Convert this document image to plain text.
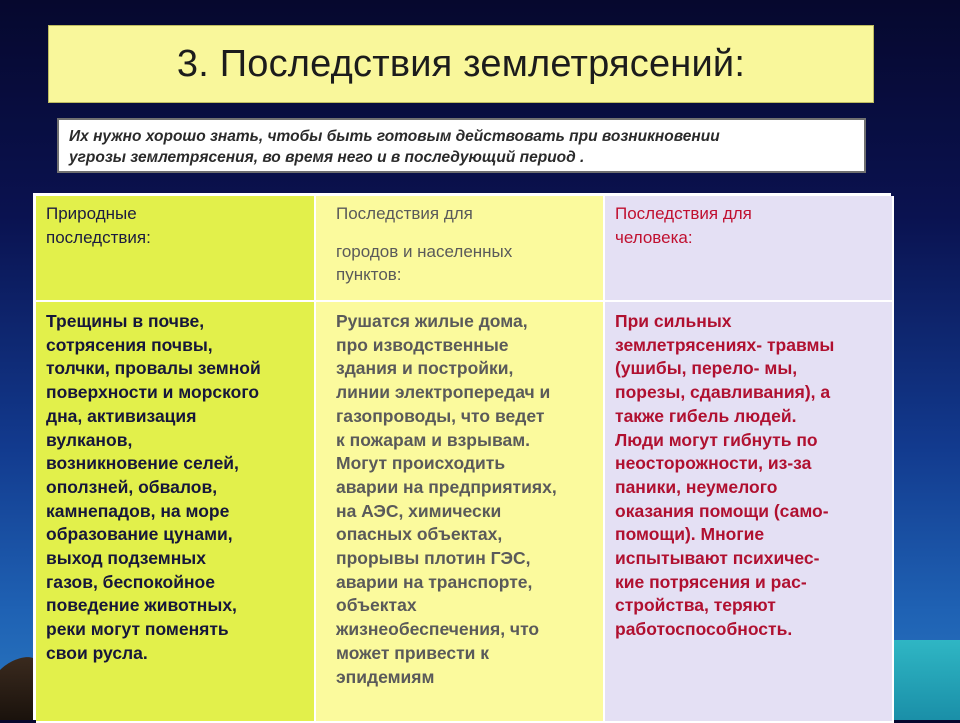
3. Последствия землетрясений:
Их нужно хорошо знать, чтобы быть готовым действовать при возникновении
угрозы землетрясения, во время него и в последующий период .
Природные
последствия:
Последствия для
городов и населенных
пунктов:
Последствия для
человека:
Трещины в почве,
сотрясения почвы,
толчки, провалы земной
поверхности и морского
дна, активизация
вулканов,
возникновение селей,
оползней, обвалов,
камнепадов, на море
образование цунами,
выход подземных
газов, беспокойное
поведение животных,
реки могут поменять
свои русла.
Рушатся жилые дома,
про изводственные
здания и постройки,
линии электропередач и
газопроводы, что ведет
к пожарам и взрывам.
Могут происходить
аварии на предприятиях,
на АЭС, химически
опасных объектах,
прорывы плотин ГЭС,
аварии на транспорте,
объектах
жизнеобеспечения, что
может привести к
эпидемиям
При сильных
землетрясениях- травмы
(ушибы, перело- мы,
порезы, сдавливания), а
также гибель людей.
Люди могут гибнуть по
неосторожности, из-за
паники, неумелого
оказания помощи (само-
помощи). Многие
испытывают психичес-
кие потрясения и рас-
стройства, теряют
работоспособность.
